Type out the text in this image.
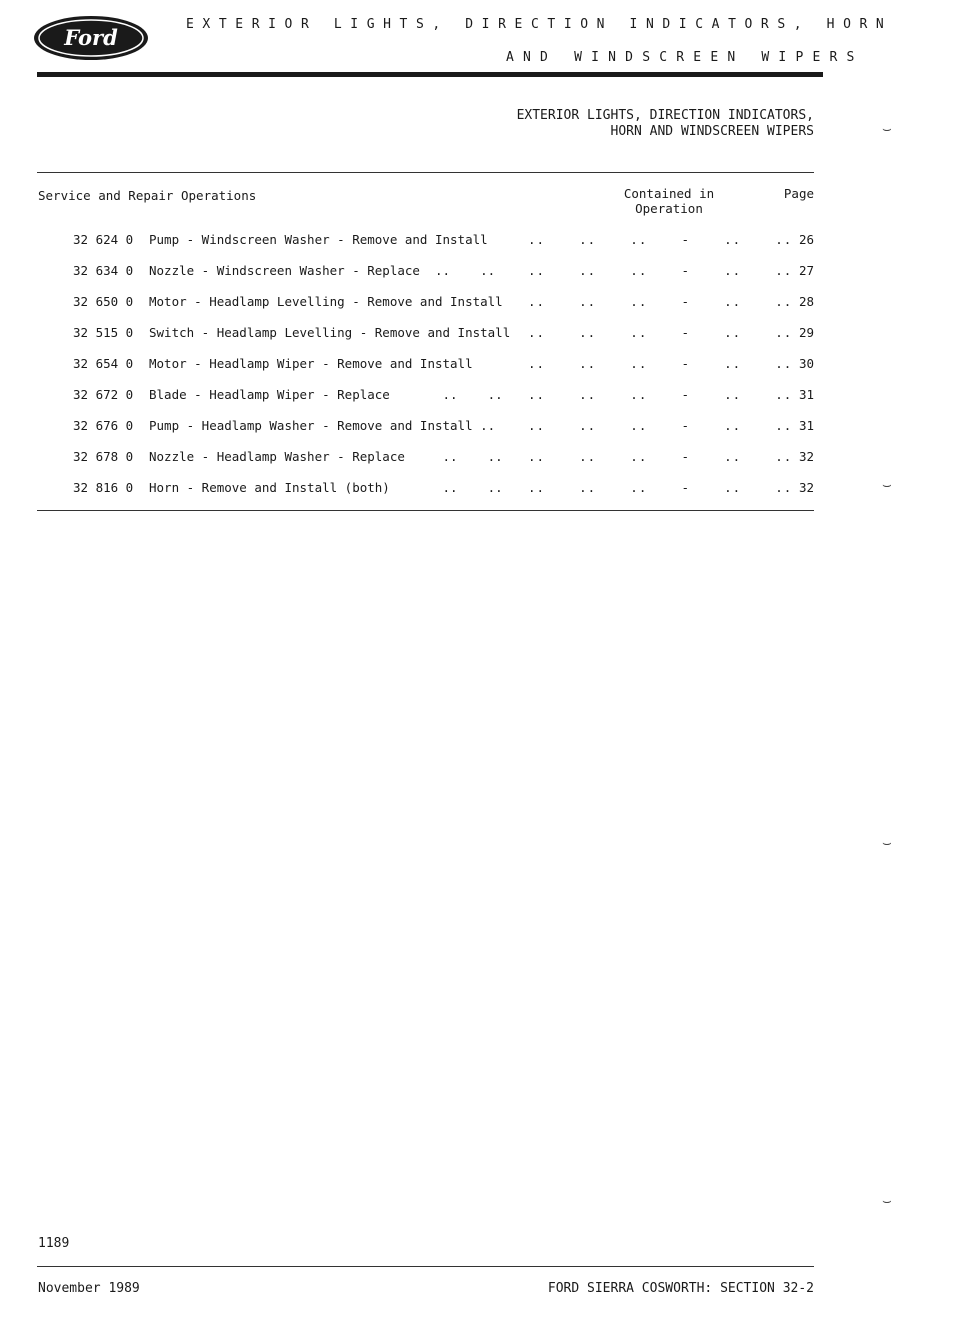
Ford
EXTERIOR LIGHTS, DIRECTION INDICATORS, HORN
AND WINDSCREEN WIPERS
EXTERIOR LIGHTS, DIRECTION INDICATORS,
HORN AND WINDSCREEN WIPERS	⌣
Service and Repair Operations	Contained in
Operation
Page
32 624 0 Pump - Windscreen Washer - Remove and Install	..    ..    ..    -    ..    .. 26
32 634 0 Nozzle - Windscreen Washer - Replace  ..    ..	..    ..    ..    -    ..    .. 27
32 650 0 Motor - Headlamp Levelling - Remove and Install ..    ..    ..    -    ..    .. 28
32 515 0 Switch - Headlamp Levelling - Remove and Install ..    ..    ..    -    ..    .. 29
32 654 0 Motor - Headlamp Wiper - Remove and Install	..    ..    ..    -    ..    .. 30
32 672 0 Blade - Headlamp Wiper - Replace       ..    .. ..    ..    ..    -    ..    .. 31
32 676 0 Pump - Headlamp Washer - Remove and Install ..	..    ..    ..    -    ..    .. 31
32 678 0 Nozzle - Headlamp Washer - Replace     ..    .. ..    ..    ..    -    ..    .. 32
32 816 0 Horn - Remove and Install (both)       ..    .. ..    ..    ..    -    ..    .. 32	⌣
⌣
⌣
1189
November 1989	FORD SIERRA COSWORTH: SECTION 32-2
